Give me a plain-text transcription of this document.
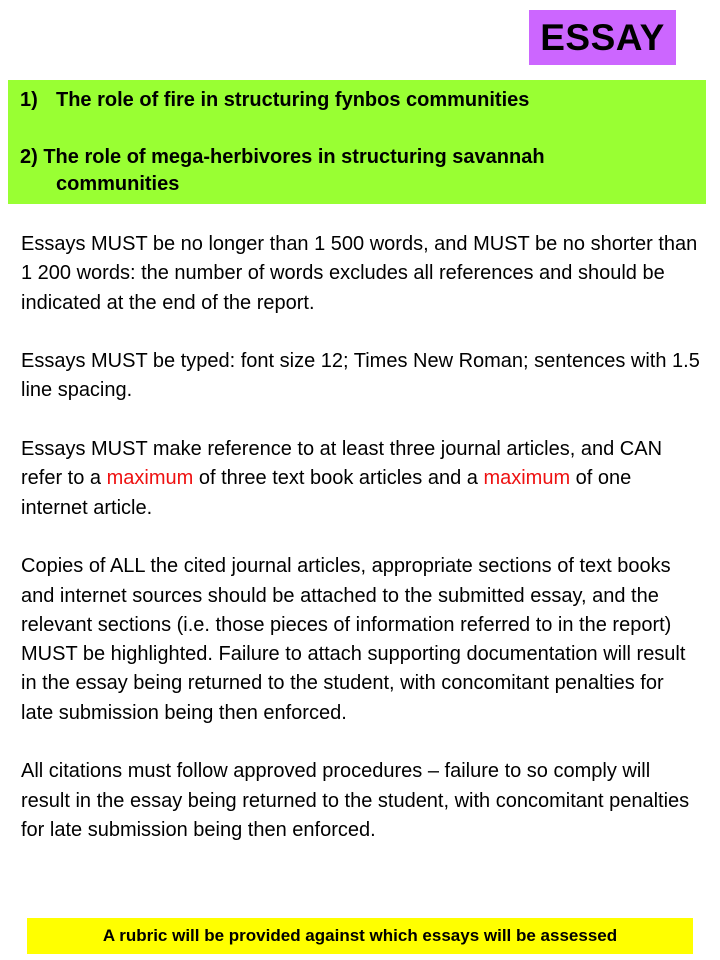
ESSAY
1) The role of fire in structuring fynbos communities
2) The role of mega-herbivores in structuring savannah
communities

Essays MUST be no longer than 1 500 words, and MUST be no shorter than 1 200 words: the number of words excludes all references and should be indicated at the end of the report.

Essays MUST be typed: font size 12; Times New Roman; sentences with 1.5 line spacing.

Essays MUST make reference to at least three journal articles, and CAN refer to a maximum of three text book articles and a maximum of one internet article.

Copies of ALL the cited journal articles, appropriate sections of text books and internet sources should be attached to the submitted essay, and the relevant sections (i.e. those pieces of information referred to in the report) MUST be highlighted. Failure to attach supporting documentation will result in the essay being returned to the student, with concomitant penalties for late submission being then enforced.

All citations must follow approved procedures – failure to so comply will result in the essay being returned to the student, with concomitant penalties for late submission being then enforced.

A rubric will be provided against which essays will be assessed
